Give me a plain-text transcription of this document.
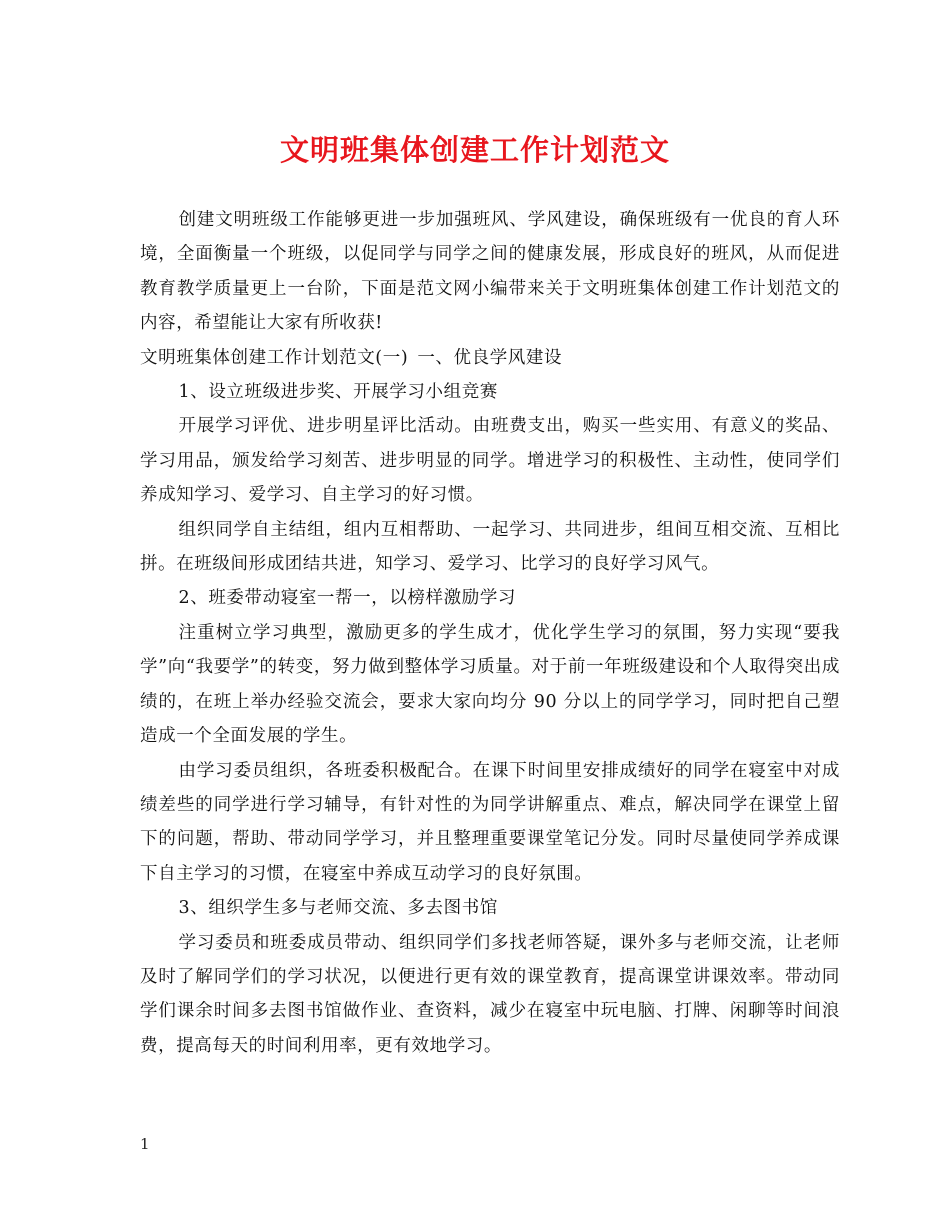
文明班集体创建工作计划范文

创建文明班级工作能够更进一步加强班风、学风建设，确保班级有一优良的育人环境，全面衡量一个班级，以促同学与同学之间的健康发展，形成良好的班风，从而促进教育教学质量更上一台阶，下面是范文网小编带来关于文明班集体创建工作计划范文的内容，希望能让大家有所收获!

文明班集体创建工作计划范文(一)	一、优良学风建设

1、设立班级进步奖、开展学习小组竞赛

开展学习评优、进步明星评比活动。由班费支出，购买一些实用、有意义的奖品、学习用品，颁发给学习刻苦、进步明显的同学。增进学习的积极性、主动性，使同学们养成知学习、爱学习、自主学习的好习惯。

组织同学自主结组，组内互相帮助、一起学习、共同进步，组间互相交流、互相比拼。在班级间形成团结共进，知学习、爱学习、比学习的良好学习风气。

2、班委带动寝室一帮一，以榜样激励学习

注重树立学习典型，激励更多的学生成才，优化学生学习的氛围，努力实现“要我学”向“我要学”的转变，努力做到整体学习质量。对于前一年班级建设和个人取得突出成绩的，在班上举办经验交流会，要求大家向均分 90 分以上的同学学习，同时把自己塑造成一个全面发展的学生。

由学习委员组织，各班委积极配合。在课下时间里安排成绩好的同学在寝室中对成绩差些的同学进行学习辅导，有针对性的为同学讲解重点、难点，解决同学在课堂上留下的问题，帮助、带动同学学习，并且整理重要课堂笔记分发。同时尽量使同学养成课下自主学习的习惯，在寝室中养成互动学习的良好氛围。

3、组织学生多与老师交流、多去图书馆

学习委员和班委成员带动、组织同学们多找老师答疑，课外多与老师交流，让老师及时了解同学们的学习状况，以便进行更有效的课堂教育，提高课堂讲课效率。带动同学们课余时间多去图书馆做作业、查资料，减少在寝室中玩电脑、打牌、闲聊等时间浪费，提高每天的时间利用率，更有效地学习。

1
